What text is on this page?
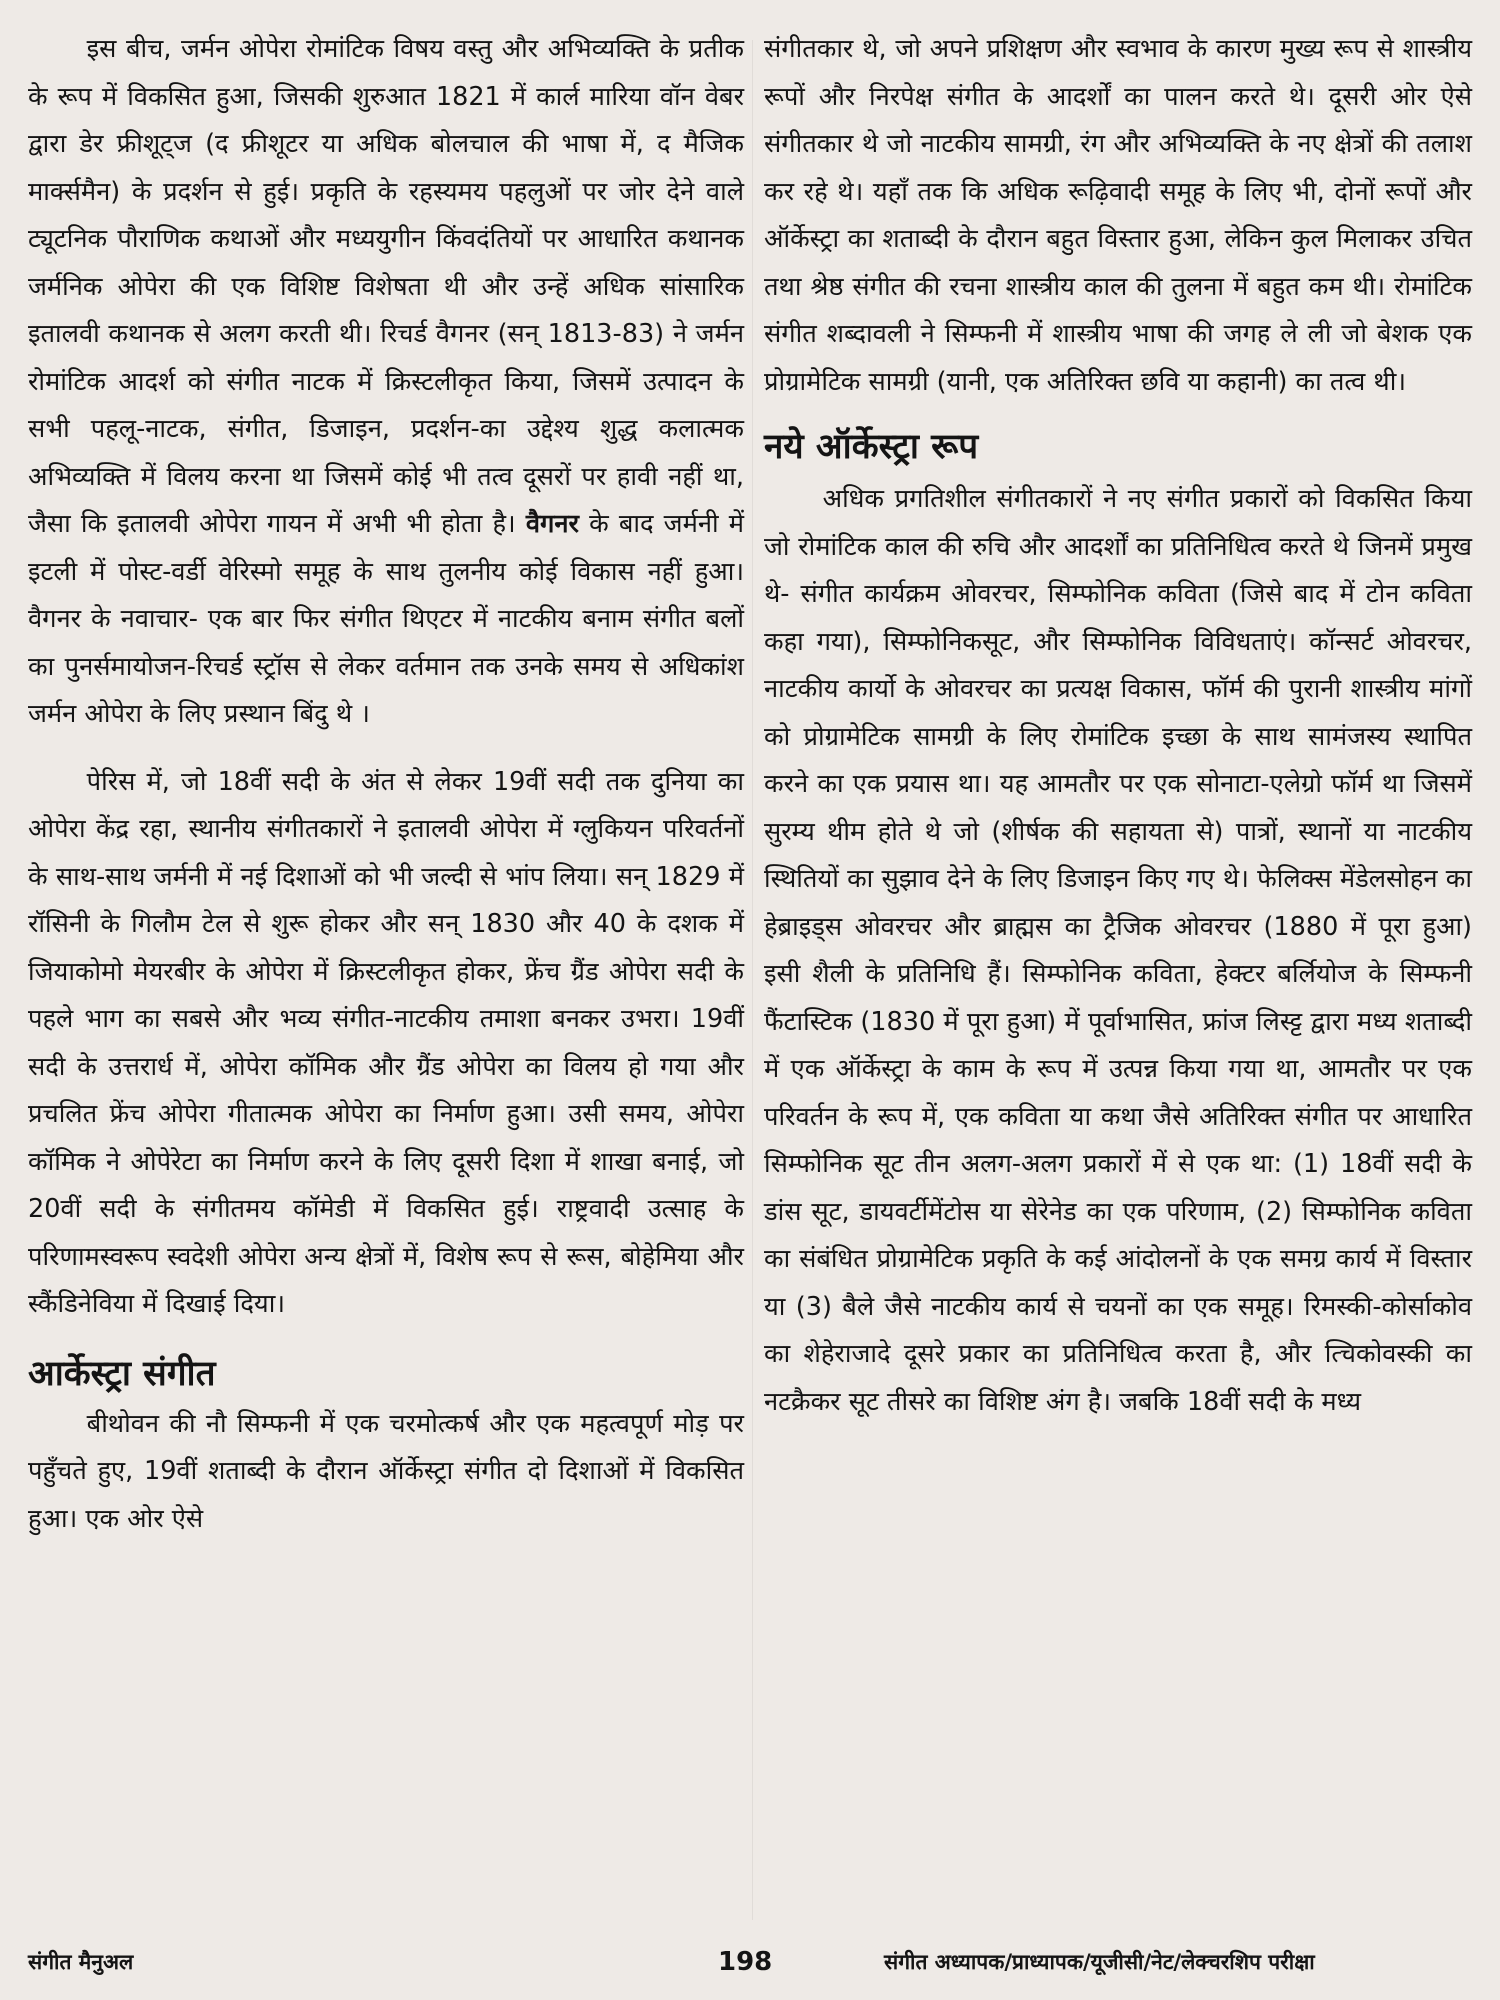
इस बीच, जर्मन ओपेरा रोमांटिक विषय वस्तु और अभिव्यक्ति के प्रतीक के रूप में विकसित हुआ, जिसकी शुरुआत 1821 में कार्ल मारिया वॉन वेबर द्वारा डेर फ्रीशूट्ज (द फ्रीशूटर या अधिक बोलचाल की भाषा में, द मैजिक मार्क्समैन) के प्रदर्शन से हुई। प्रकृति के रहस्यमय पहलुओं पर जोर देने वाले ट्यूटनिक पौराणिक कथाओं और मध्ययुगीन किंवदंतियों पर आधारित कथानक जर्मनिक ओपेरा की एक विशिष्ट विशेषता थी और उन्हें अधिक सांसारिक इतालवी कथानक से अलग करती थी। रिचर्ड वैगनर (सन् 1813-83) ने जर्मन रोमांटिक आदर्श को संगीत नाटक में क्रिस्टलीकृत किया, जिसमें उत्पादन के सभी पहलू-नाटक, संगीत, डिजाइन, प्रदर्शन-का उद्देश्य शुद्ध कलात्मक अभिव्यक्ति में विलय करना था जिसमें कोई भी तत्व दूसरों पर हावी नहीं था, जैसा कि इतालवी ओपेरा गायन में अभी भी होता है। वैगनर के बाद जर्मनी में इटली में पोस्ट-वर्डी वेरिस्मो समूह के साथ तुलनीय कोई विकास नहीं हुआ। वैगनर के नवाचार- एक बार फिर संगीत थिएटर में नाटकीय बनाम संगीत बलों का पुनर्समायोजन-रिचर्ड स्ट्रॉस से लेकर वर्तमान तक उनके समय से अधिकांश जर्मन ओपेरा के लिए प्रस्थान बिंदु थे ।

पेरिस में, जो 18वीं सदी के अंत से लेकर 19वीं सदी तक दुनिया का ओपेरा केंद्र रहा, स्थानीय संगीतकारों ने इतालवी ओपेरा में ग्लुकियन परिवर्तनों के साथ-साथ जर्मनी में नई दिशाओं को भी जल्दी से भांप लिया। सन् 1829 में रॉसिनी के गिलौम टेल से शुरू होकर और सन् 1830 और 40 के दशक में जियाकोमो मेयरबीर के ओपेरा में क्रिस्टलीकृत होकर, फ्रेंच ग्रैंड ओपेरा सदी के पहले भाग का सबसे और भव्य संगीत-नाटकीय तमाशा बनकर उभरा। 19वीं सदी के उत्तरार्ध में, ओपेरा कॉमिक और ग्रैंड ओपेरा का विलय हो गया और प्रचलित फ्रेंच ओपेरा गीतात्मक ओपेरा का निर्माण हुआ। उसी समय, ओपेरा कॉमिक ने ओपेरेटा का निर्माण करने के लिए दूसरी दिशा में शाखा बनाई, जो 20वीं सदी के संगीतमय कॉमेडी में विकसित हुई। राष्ट्रवादी उत्साह के परिणामस्वरूप स्वदेशी ओपेरा अन्य क्षेत्रों में, विशेष रूप से रूस, बोहेमिया और स्कैंडिनेविया में दिखाई दिया।

आर्केस्ट्रा संगीत

बीथोवन की नौ सिम्फनी में एक चरमोत्कर्ष और एक महत्वपूर्ण मोड़ पर पहुँचते हुए, 19वीं शताब्दी के दौरान ऑर्केस्ट्रा संगीत दो दिशाओं में विकसित हुआ। एक ओर ऐसे

संगीतकार थे, जो अपने प्रशिक्षण और स्वभाव के कारण मुख्य रूप से शास्त्रीय रूपों और निरपेक्ष संगीत के आदर्शों का पालन करते थे। दूसरी ओर ऐसे संगीतकार थे जो नाटकीय सामग्री, रंग और अभिव्यक्ति के नए क्षेत्रों की तलाश कर रहे थे। यहाँ तक कि अधिक रूढ़िवादी समूह के लिए भी, दोनों रूपों और ऑर्केस्ट्रा का शताब्दी के दौरान बहुत विस्तार हुआ, लेकिन कुल मिलाकर उचित तथा श्रेष्ठ संगीत की रचना शास्त्रीय काल की तुलना में बहुत कम थी। रोमांटिक संगीत शब्दावली ने सिम्फनी में शास्त्रीय भाषा की जगह ले ली जो बेशक एक प्रोग्रामेटिक सामग्री (यानी, एक अतिरिक्त छवि या कहानी) का तत्व थी।

नये ऑर्केस्ट्रा रूप

अधिक प्रगतिशील संगीतकारों ने नए संगीत प्रकारों को विकसित किया जो रोमांटिक काल की रुचि और आदर्शों का प्रतिनिधित्व करते थे जिनमें प्रमुख थे- संगीत कार्यक्रम ओवरचर, सिम्फोनिक कविता (जिसे बाद में टोन कविता कहा गया), सिम्फोनिकसूट, और सिम्फोनिक विविधताएं। कॉन्सर्ट ओवरचर, नाटकीय कार्यो के ओवरचर का प्रत्यक्ष विकास, फॉर्म की पुरानी शास्त्रीय मांगों को प्रोग्रामेटिक सामग्री के लिए रोमांटिक इच्छा के साथ सामंजस्य स्थापित करने का एक प्रयास था। यह आमतौर पर एक सोनाटा-एलेग्रो फॉर्म था जिसमें सुरम्य थीम होते थे जो (शीर्षक की सहायता से) पात्रों, स्थानों या नाटकीय स्थितियों का सुझाव देने के लिए डिजाइन किए गए थे। फेलिक्स मेंडेलसोहन का हेब्राइड्स ओवरचर और ब्राह्मस का ट्रैजिक ओवरचर (1880 में पूरा हुआ) इसी शैली के प्रतिनिधि हैं। सिम्फोनिक कविता, हेक्टर बर्लियोज के सिम्फनी फैंटास्टिक (1830 में पूरा हुआ) में पूर्वाभासित, फ्रांज लिस्ट्ट द्वारा मध्य शताब्दी में एक ऑर्केस्ट्रा के काम के रूप में उत्पन्न किया गया था, आमतौर पर एक परिवर्तन के रूप में, एक कविता या कथा जैसे अतिरिक्त संगीत पर आधारित सिम्फोनिक सूट तीन अलग-अलग प्रकारों में से एक था: (1) 18वीं सदी के डांस सूट, डायवर्टीमेंटोस या सेरेनेड का एक परिणाम, (2) सिम्फोनिक कविता का संबंधित प्रोग्रामेटिक प्रकृति के कई आंदोलनों के एक समग्र कार्य में विस्तार या (3) बैले जैसे नाटकीय कार्य से चयनों का एक समूह। रिमस्की-कोर्साकोव का शेहेराजादे दूसरे प्रकार का प्रतिनिधित्व करता है, और त्चिकोवस्की का नटक्रैकर सूट तीसरे का विशिष्ट अंग है। जबकि 18वीं सदी के मध्य

संगीत मैनुअल	198	संगीत अध्यापक/प्राध्यापक/यूजीसी/नेट/लेक्चरशिप परीक्षा
